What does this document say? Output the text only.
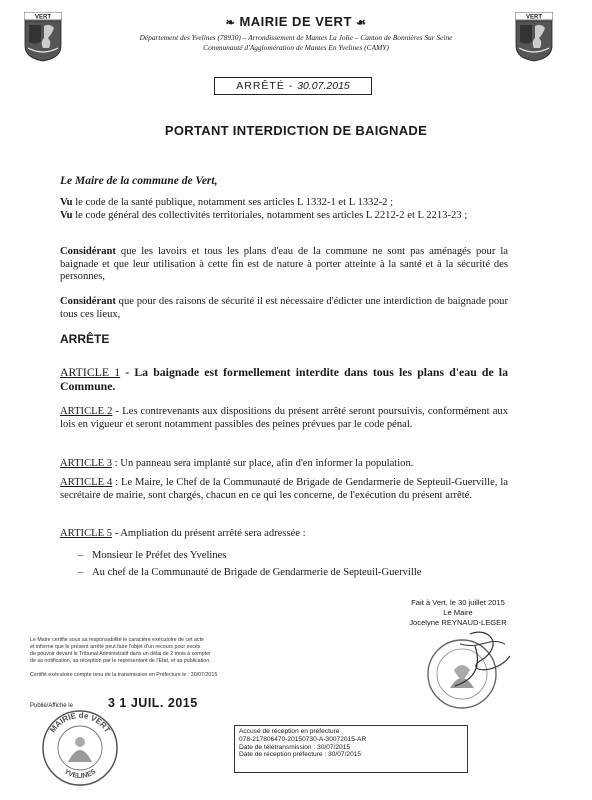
VERT	VERT
❧ MAIRIE DE VERT ☙
Département des Yvelines (78930) – Arrondissement de Mantes La Jolie – Canton de Bonnières Sur Seine
Communauté d'Agglomération de Mantes En Yvelines (CAMY)
ARRÊTÉ - 30.07.2015
PORTANT INTERDICTION DE BAIGNADE
Le Maire de la commune de Vert,
Vu le code de la santé publique, notamment ses articles L 1332-1 et L 1332-2 ;
Vu le code général des collectivités territoriales, notamment ses articles L 2212-2 et L 2213-23 ;
Considérant que les lavoirs et tous les plans d'eau de la commune ne sont pas aménagés pour la baignade et que leur utilisation à cette fin est de nature à porter atteinte à la santé et à la sécurité des personnes,
Considérant que pour des raisons de sécurité il est nécessaire d'édicter une interdiction de baignade pour tous ces lieux,
ARRÊTE
ARTICLE 1 - La baignade est formellement interdite dans tous les plans d'eau de la Commune.
ARTICLE 2 - Les contrevenants aux dispositions du présent arrêté seront poursuivis, conformément aux lois en vigueur et seront notamment passibles des peines prévues par le code pénal.
ARTICLE 3 : Un panneau sera implanté sur place, afin d'en informer la population.
ARTICLE 4 : Le Maire, le Chef de la Communauté de Brigade de Gendarmerie de Septeuil-Guerville, la secrétaire de mairie, sont chargés, chacun en ce qui les concerne, de l'exécution du présent arrêté.
ARTICLE 5 - Ampliation du présent arrêté sera adressée :
– Monsieur le Préfet des Yvelines
– Au chef de la Communauté de Brigade de Gendarmerie de Septeuil-Guerville
Fait à Vert, le 30 juillet 2015
Le Maire
Jocelyne REYNAUD-LEGER
Le Maire certifie sous sa responsabilité le caractère exécutoire de cet acte
et informe que le présent arrêté peut faire l'objet d'un recours pour excès
de pouvoir devant le Tribunal Administratif dans un délai de 2 mois à compter
de sa notification, sa réception par le représentant de l'Etat, et sa publication.
Certifié exécutoire compte tenu de la transmission en Préfecture le : 30/07/2015
Publié/Affiché le	3 1 JUIL. 2015
MAIRIE de VERT
YVELINES
Accusé de réception en préfecture
078-217806470-20150730-A-30072015-AR
Date de télétransmission : 30/07/2015
Date de réception préfecture : 30/07/2015
